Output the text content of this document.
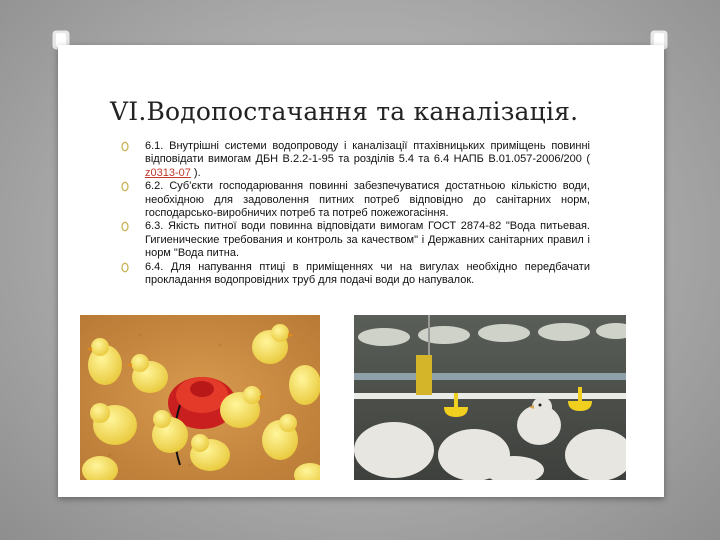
VI.Водопостачання та каналізація.
6.1. Внутрішні системи водопроводу і каналізації птахівницьких приміщень повинні відповідати вимогам ДБН В.2.2-1-95 та розділів 5.4 та 6.4 НАПБ В.01.057-2006/200 ( z0313-07 ).
6.2. Суб'єкти господарювання повинні забезпечуватися достатньою кількістю води, необхідною для задоволення питних потреб відповідно до санітарних норм, господарсько-виробничих потреб та потреб пожежогасіння.
6.3. Якість питної води повинна відповідати вимогам ГОСТ 2874-82 "Вода питьевая. Гигиенические требования и контроль за качеством" і Державних санітарних правил і норм "Вода питна.
6.4. Для напування птиці в приміщеннях чи на вигулах необхідно передбачати прокладання водопровідних труб для подачі води до напувалок.
